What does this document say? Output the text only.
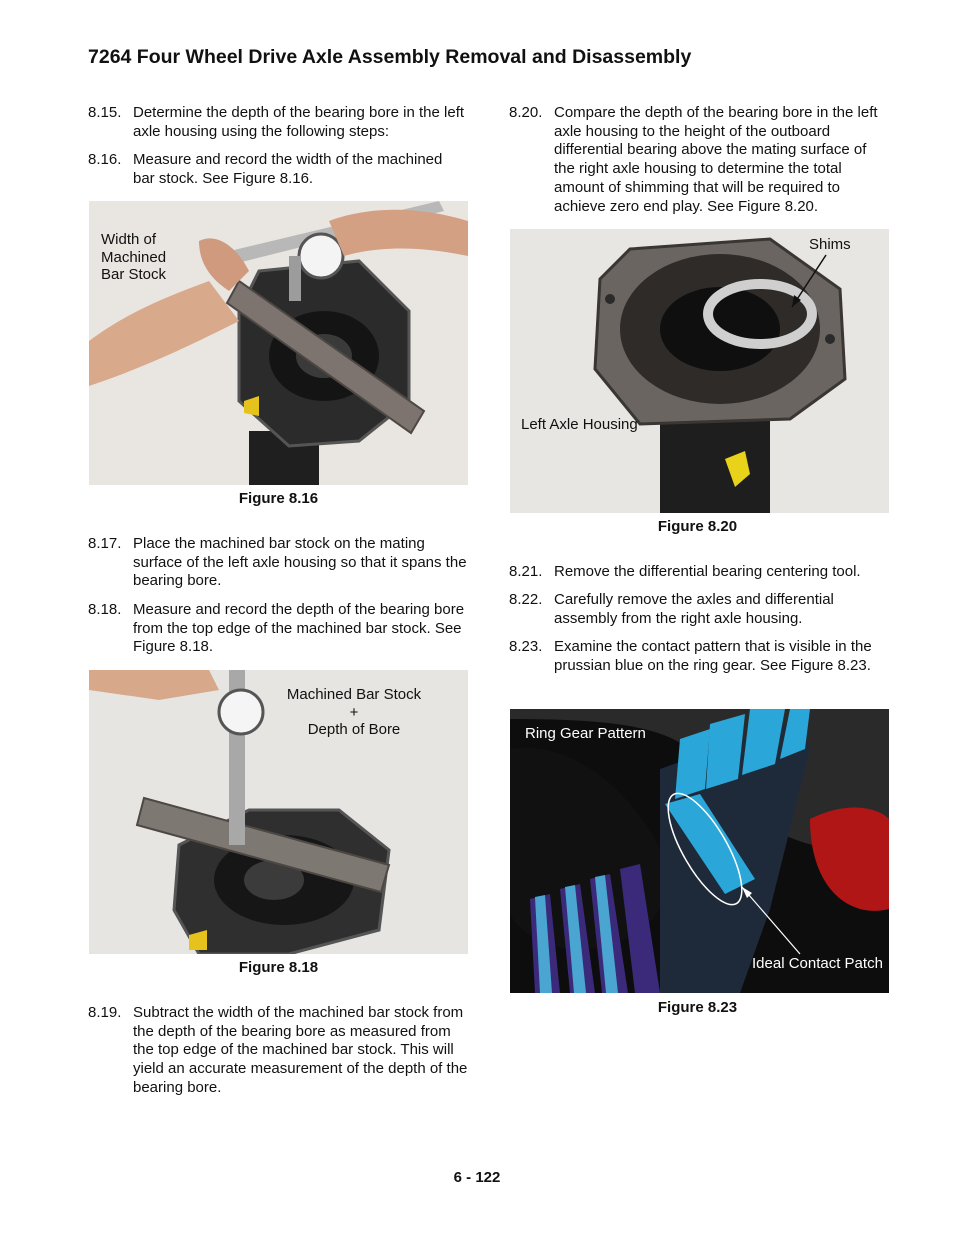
7264 Four Wheel Drive Axle Assembly Removal and Disassembly
8.15. Determine the depth of the bearing bore in the left axle housing using the following steps:
8.16. Measure and record the width of the machined bar stock. See Figure 8.16.
Width of
Machined
Bar Stock
Figure 8.16
8.17. Place the machined bar stock on the mating surface of the left axle housing so that it spans the bearing bore.
8.18. Measure and record the depth of the bearing bore from the top edge of the machined bar stock. See Figure 8.18.
Machined Bar Stock
+
Depth of Bore
Figure 8.18
8.19. Subtract the width of the machined bar stock from the depth of the bearing bore as measured from the top edge of the machined bar stock. This will yield an accurate measurement of the depth of the bearing bore.
8.20. Compare the depth of the bearing bore in the left axle housing to the height of the outboard differential bearing above the mating surface of the right axle housing to determine the total amount of shimming that will be required to achieve zero end play. See Figure 8.20.
Shims
Left Axle Housing
Figure 8.20
8.21. Remove the differential bearing centering tool.
8.22. Carefully remove the axles and differential assembly from the right axle housing.
8.23. Examine the contact pattern that is visible in the prussian blue on the ring gear. See Figure 8.23.
Ring Gear Pattern
Ideal Contact Patch
Figure 8.23
6 - 122
